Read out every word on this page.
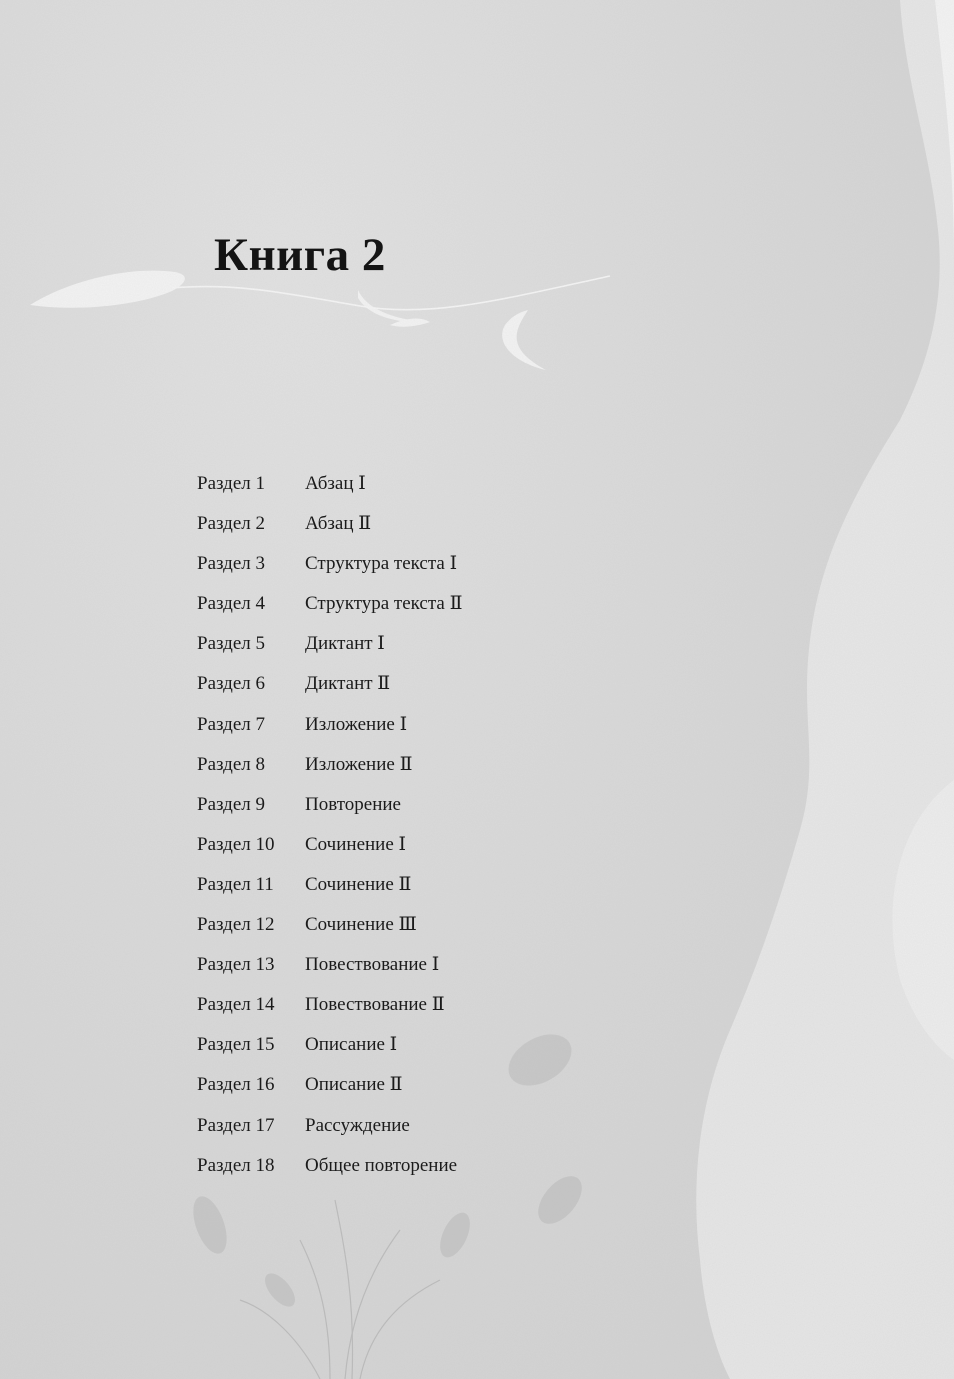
Книга 2
Раздел 1	Абзац Ⅰ
Раздел 2	Абзац Ⅱ
Раздел 3	Структура текста Ⅰ
Раздел 4	Структура текста Ⅱ
Раздел 5	Диктант Ⅰ
Раздел 6	Диктант Ⅱ
Раздел 7	Изложение Ⅰ
Раздел 8	Изложение Ⅱ
Раздел 9	Повторение
Раздел 10	Сочинение Ⅰ
Раздел 11	Сочинение Ⅱ
Раздел 12	Сочинение Ⅲ
Раздел 13	Повествование Ⅰ
Раздел 14	Повествование Ⅱ
Раздел 15	Описание Ⅰ
Раздел 16	Описание Ⅱ
Раздел 17	Рассуждение
Раздел 18	Общее повторение
